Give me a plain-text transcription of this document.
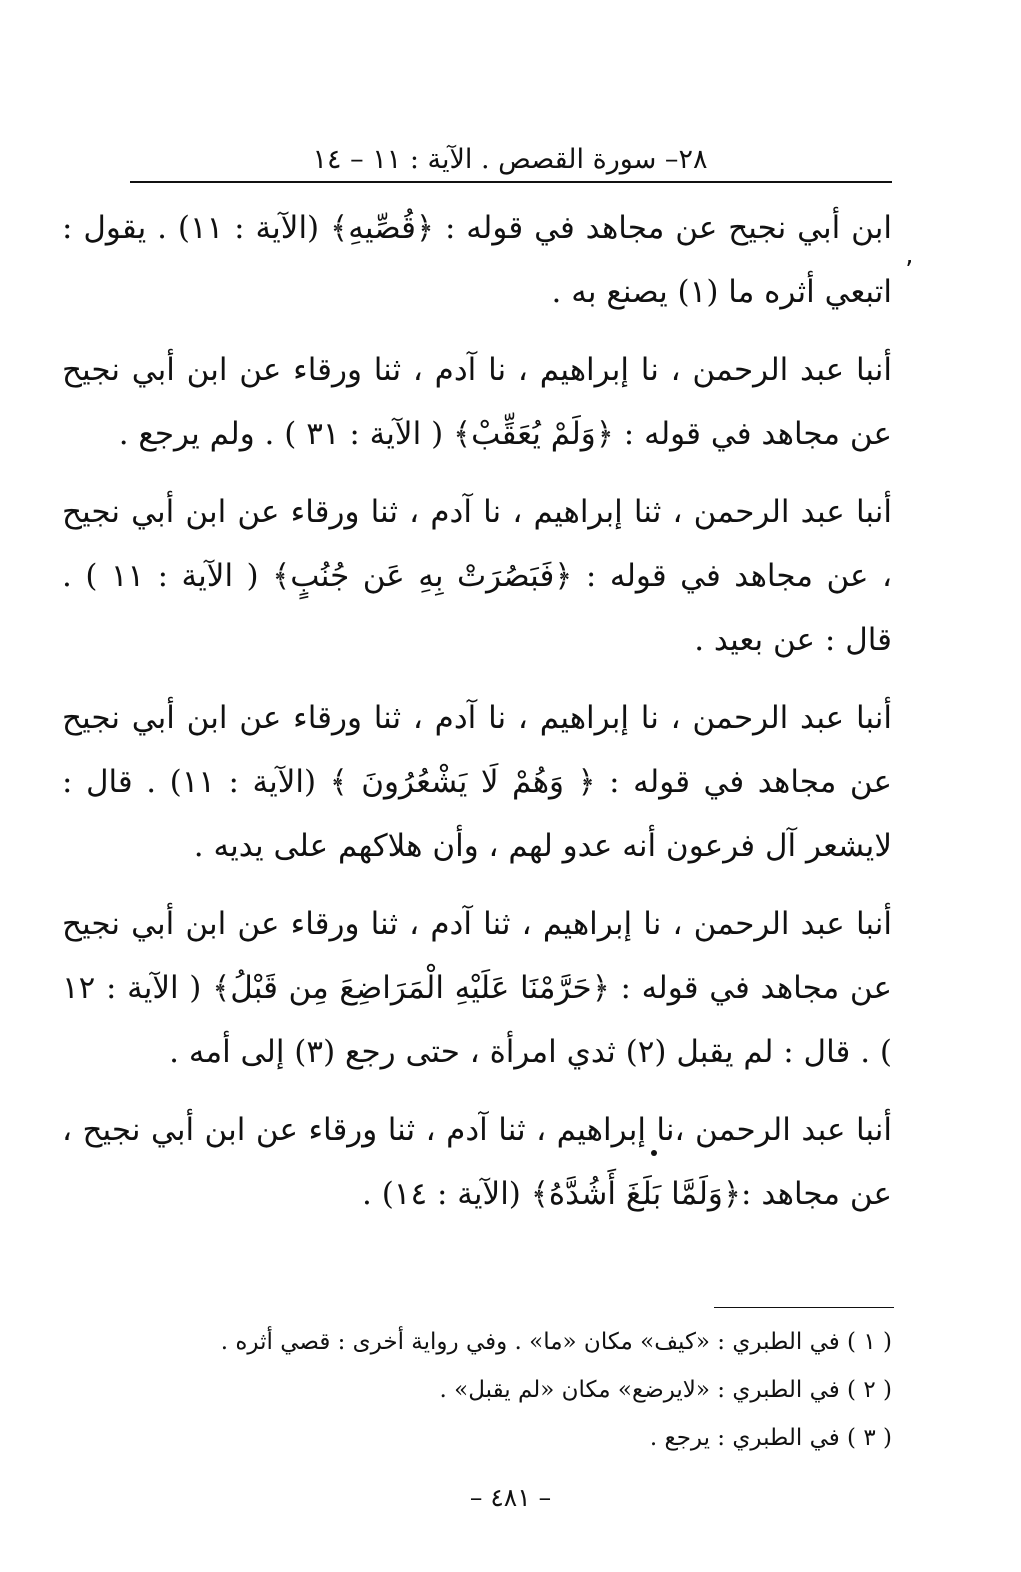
٢٨– سورة القصص . الآية : ١١ – ١٤
٬

ابن أبي نجيح عن مجاهد في قوله : ﴿قُصِّيهِ﴾ (الآية : ١١) . يقول : اتبعي أثره ما (١) يصنع به .

أنبا عبد الرحمن ، نا إبراهيم ، نا آدم ، ثنا ورقاء عن ابن أبي نجيح عن مجاهد في قوله : ﴿وَلَمْ يُعَقِّبْ﴾ ( الآية : ٣١ ) . ولم يرجع .

أنبا عبد الرحمن ، ثنا إبراهيم ، نا آدم ، ثنا ورقاء عن ابن أبي نجيح ، عن مجاهد في قوله : ﴿فَبَصُرَتْ بِهِ عَن جُنُبٍ﴾ ( الآية : ١١ ) . قال : عن بعيد .

أنبا عبد الرحمن ، نا إبراهيم ، نا آدم ، ثنا ورقاء عن ابن أبي نجيح عن مجاهد في قوله : ﴿ وَهُمْ لَا يَشْعُرُونَ ﴾ (الآية : ١١) . قال : لايشعر آل فرعون أنه عدو لهم ، وأن هلاكهم على يديه .

أنبا عبد الرحمن ، نا إبراهيم ، ثنا آدم ، ثنا ورقاء عن ابن أبي نجيح عن مجاهد في قوله : ﴿حَرَّمْنَا عَلَيْهِ الْمَرَاضِعَ مِن قَبْلُ﴾ ( الآية : ١٢ ) . قال : لم يقبل (٢) ثدي امرأة ، حتى رجع (٣) إلى أمه .

أنبا عبد الرحمن ،نا إبراهيم ، ثنا آدم ، ثنا ورقاء عن ابن أبي نجيح ، عن مجاهد :﴿وَلَمَّا بَلَغَ أَشُدَّهُ﴾ (الآية : ١٤) .

( ١ ) في الطبري : «كيف» مكان «ما» . وفي رواية أخرى : قصي أثره .

( ٢ ) في الطبري : «لايرضع» مكان «لم يقبل» .

( ٣ ) في الطبري : يرجع .

– ٤٨١ –
